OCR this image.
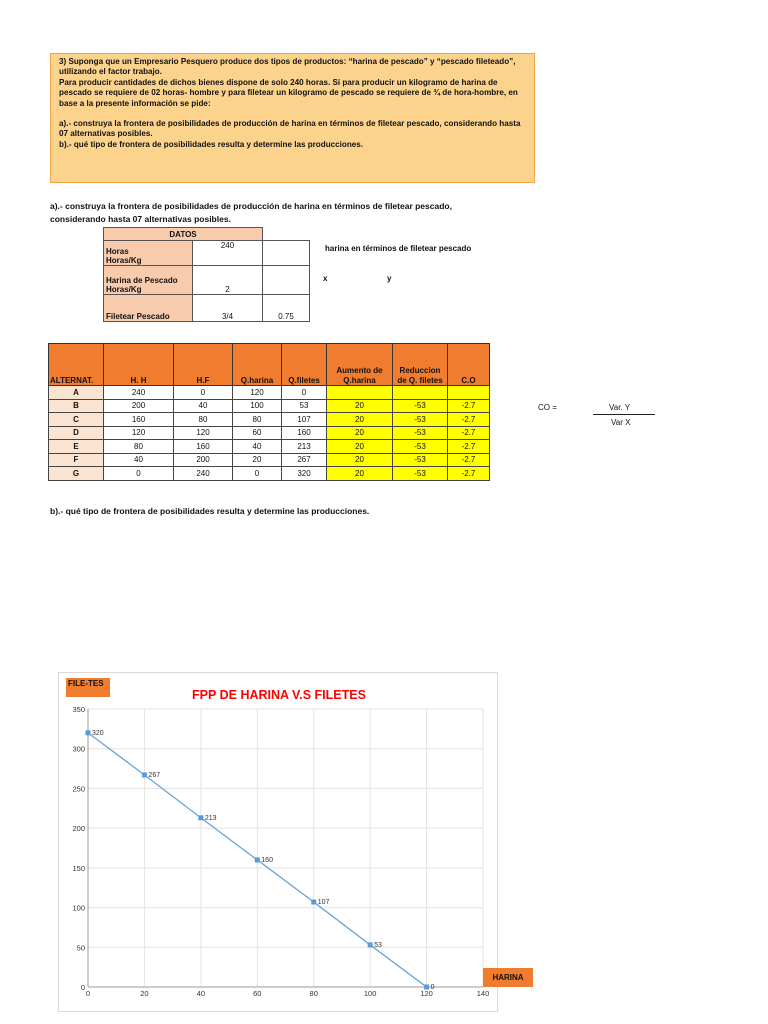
3) Suponga que un Empresario Pesquero produce dos tipos de productos: “harina de pescado” y “pescado fileteado”, utilizando el factor trabajo.

Para producir cantidades de dichos bienes dispone de solo 240 horas. Si para producir un kilogramo de harina de pescado se requiere de 02 horas- hombre y para filetear un kilogramo de pescado se requiere de ¾ de hora-hombre, en base a la presente información se pide:

a).- construya la frontera de posibilidades de producción de harina en términos de filetear pescado, considerando hasta 07 alternativas posibles.

b).- qué tipo de frontera de posibilidades resulta y determine las producciones.

a).- construya la frontera de posibilidades de producción de harina en términos de filetear pescado,
considerando hasta 07 alternativas posibles.
DATOS		

Horas
Horas/Kg	240	

Harina de Pescado
Horas/Kg	2	

Filetear Pescado	3/4	0.75
harina en términos de filetear pescado
x	y
ALTERNAT.	H. H	H.F	Q.harina	Q.filetes	Aumento de Q.harina	Reduccion de Q. filetes	C.O
A	240	0	120	0			
B	200	40	100	53	20	-53	-2.7
C	160	80	80	107	20	-53	-2.7
D	120	120	60	160	20	-53	-2.7
E	80	160	40	213	20	-53	-2.7
F	40	200	20	267	20	-53	-2.7
G	0	240	0	320	20	-53	-2.7
CO =	Var. Y
Var X
b).- qué tipo de frontera de posibilidades resulta y determine las producciones.
FPP DE HARINA V.S FILETES
0
50
100
150
200
250
300
350
0	20	40	60	80	100	120	140
320
267
213
160
107
53
0
FILE-TES
HARINA
